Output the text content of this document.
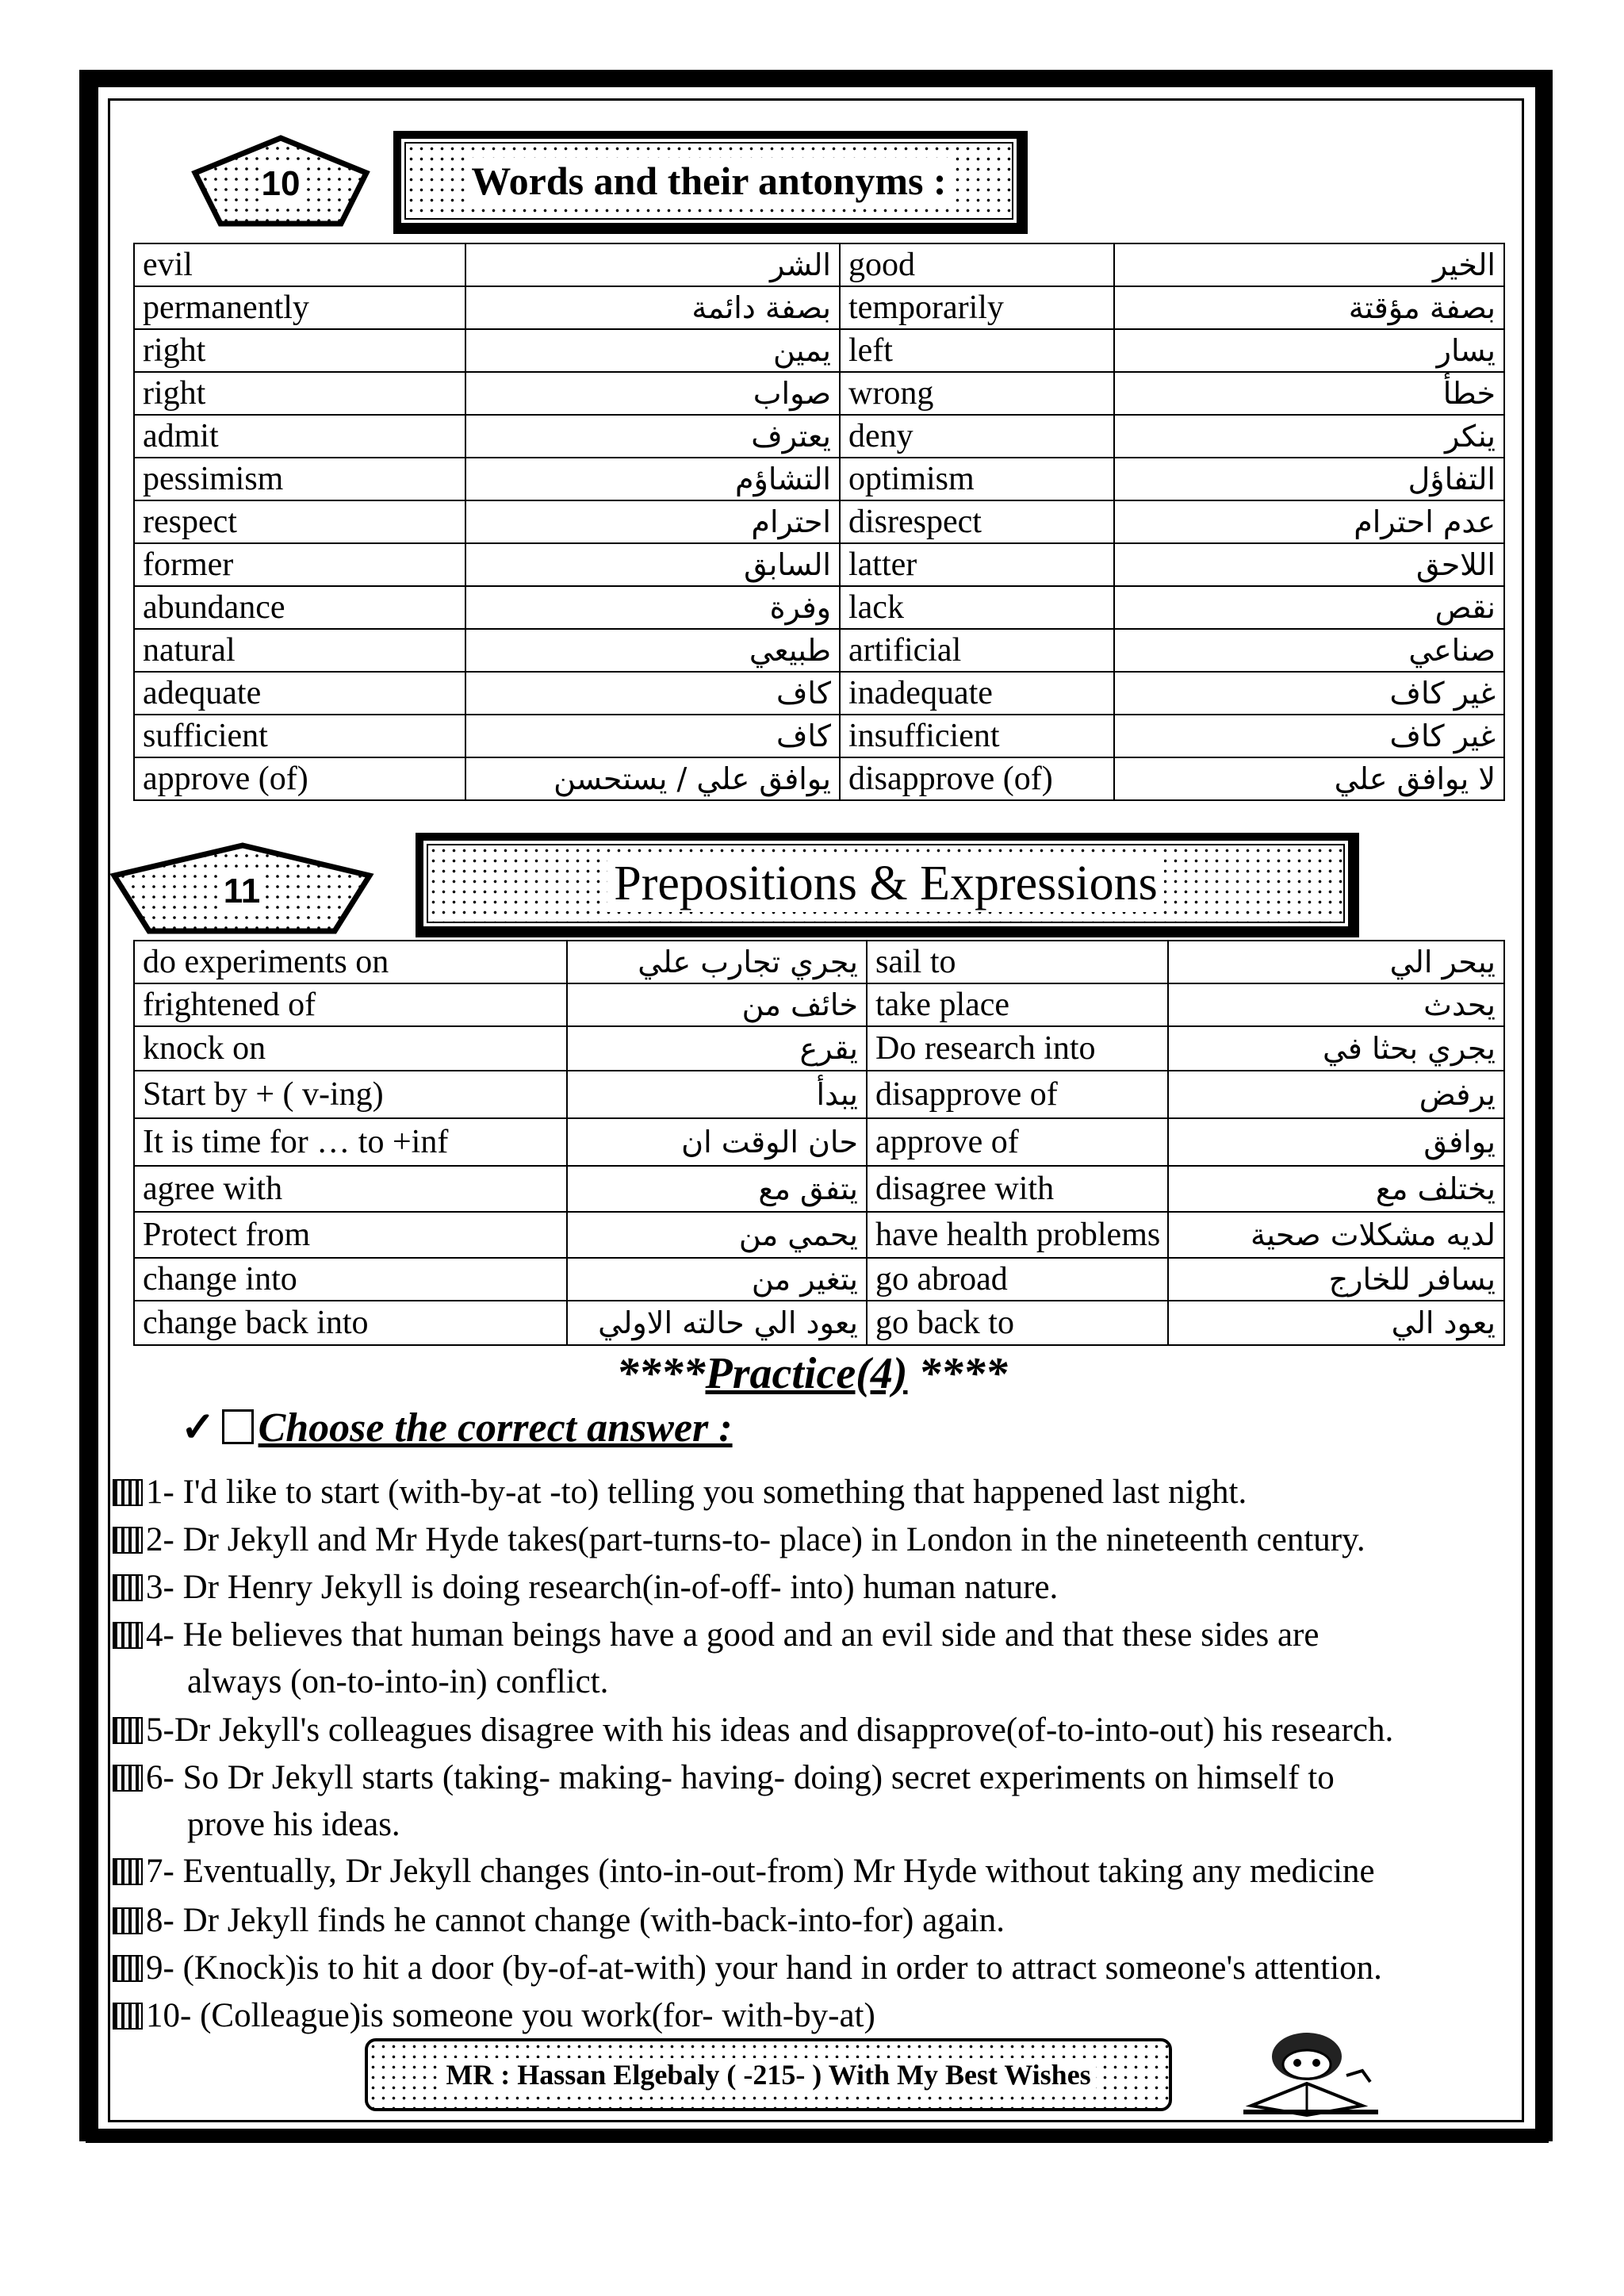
10	Words and their antonyms :
evil	الشر	good	الخير
permanently	بصفة دائمة	temporarily	بصفة مؤقتة
right	يمين	left	يسار
right	صواب	wrong	خطأ
admit	يعترف	deny	ينكر
pessimism	التشاؤم	optimism	التفاؤل
respect	احترام	disrespect	عدم احترام
former	السابق	latter	اللاحق
abundance	وفرة	lack	نقص
natural	طبيعي	artificial	صناعي
adequate	كاف	inadequate	غير كاف
sufficient	كاف	insufficient	غير كاف
approve (of)	يوافق علي / يستحسن	disapprove (of)	لا يوافق علي
11	Prepositions & Expressions
do experiments on	يجري تجارب علي	sail to	يبحر الي
frightened of	خائف من	take place	يحدث
knock on	يقرع	Do research into	يجري بحثا في
Start by + ( v-ing)	يبدأ	disapprove of	يرفض
It is time for … to +inf	حان الوقت ان	approve of	يوافق
agree with	يتفق مع	disagree with	يختلف مع
Protect from	يحمي من	have health problems	لديه مشكلات صحية
change into	يتغير من	go abroad	يسافر للخارج
change back into	يعود الي حالته الاولي	go back to	يعود الي
****Practice(4) ****
✓ Choose the correct answer :
1- I'd like to start (with-by-at -to) telling you something that happened last night.
2- Dr Jekyll and Mr Hyde takes(part-turns-to- place) in London in the nineteenth century.
3- Dr Henry Jekyll is doing research(in-of-off- into) human nature.
4- He believes that human beings have a good and an evil side and that these sides are
always (on-to-into-in) conflict.
5-Dr Jekyll's colleagues disagree with his ideas and disapprove(of-to-into-out) his research.
6- So Dr Jekyll starts (taking- making- having- doing) secret experiments on himself to
prove his ideas.
7- Eventually, Dr Jekyll changes (into-in-out-from) Mr Hyde without taking any medicine
8- Dr Jekyll finds he cannot change (with-back-into-for) again.
9- (Knock)is to hit a door (by-of-at-with) your hand in order to attract someone's attention.
10- (Colleague)is someone you work(for- with-by-at)
MR : Hassan Elgebaly ( -215- ) With My Best Wishes
